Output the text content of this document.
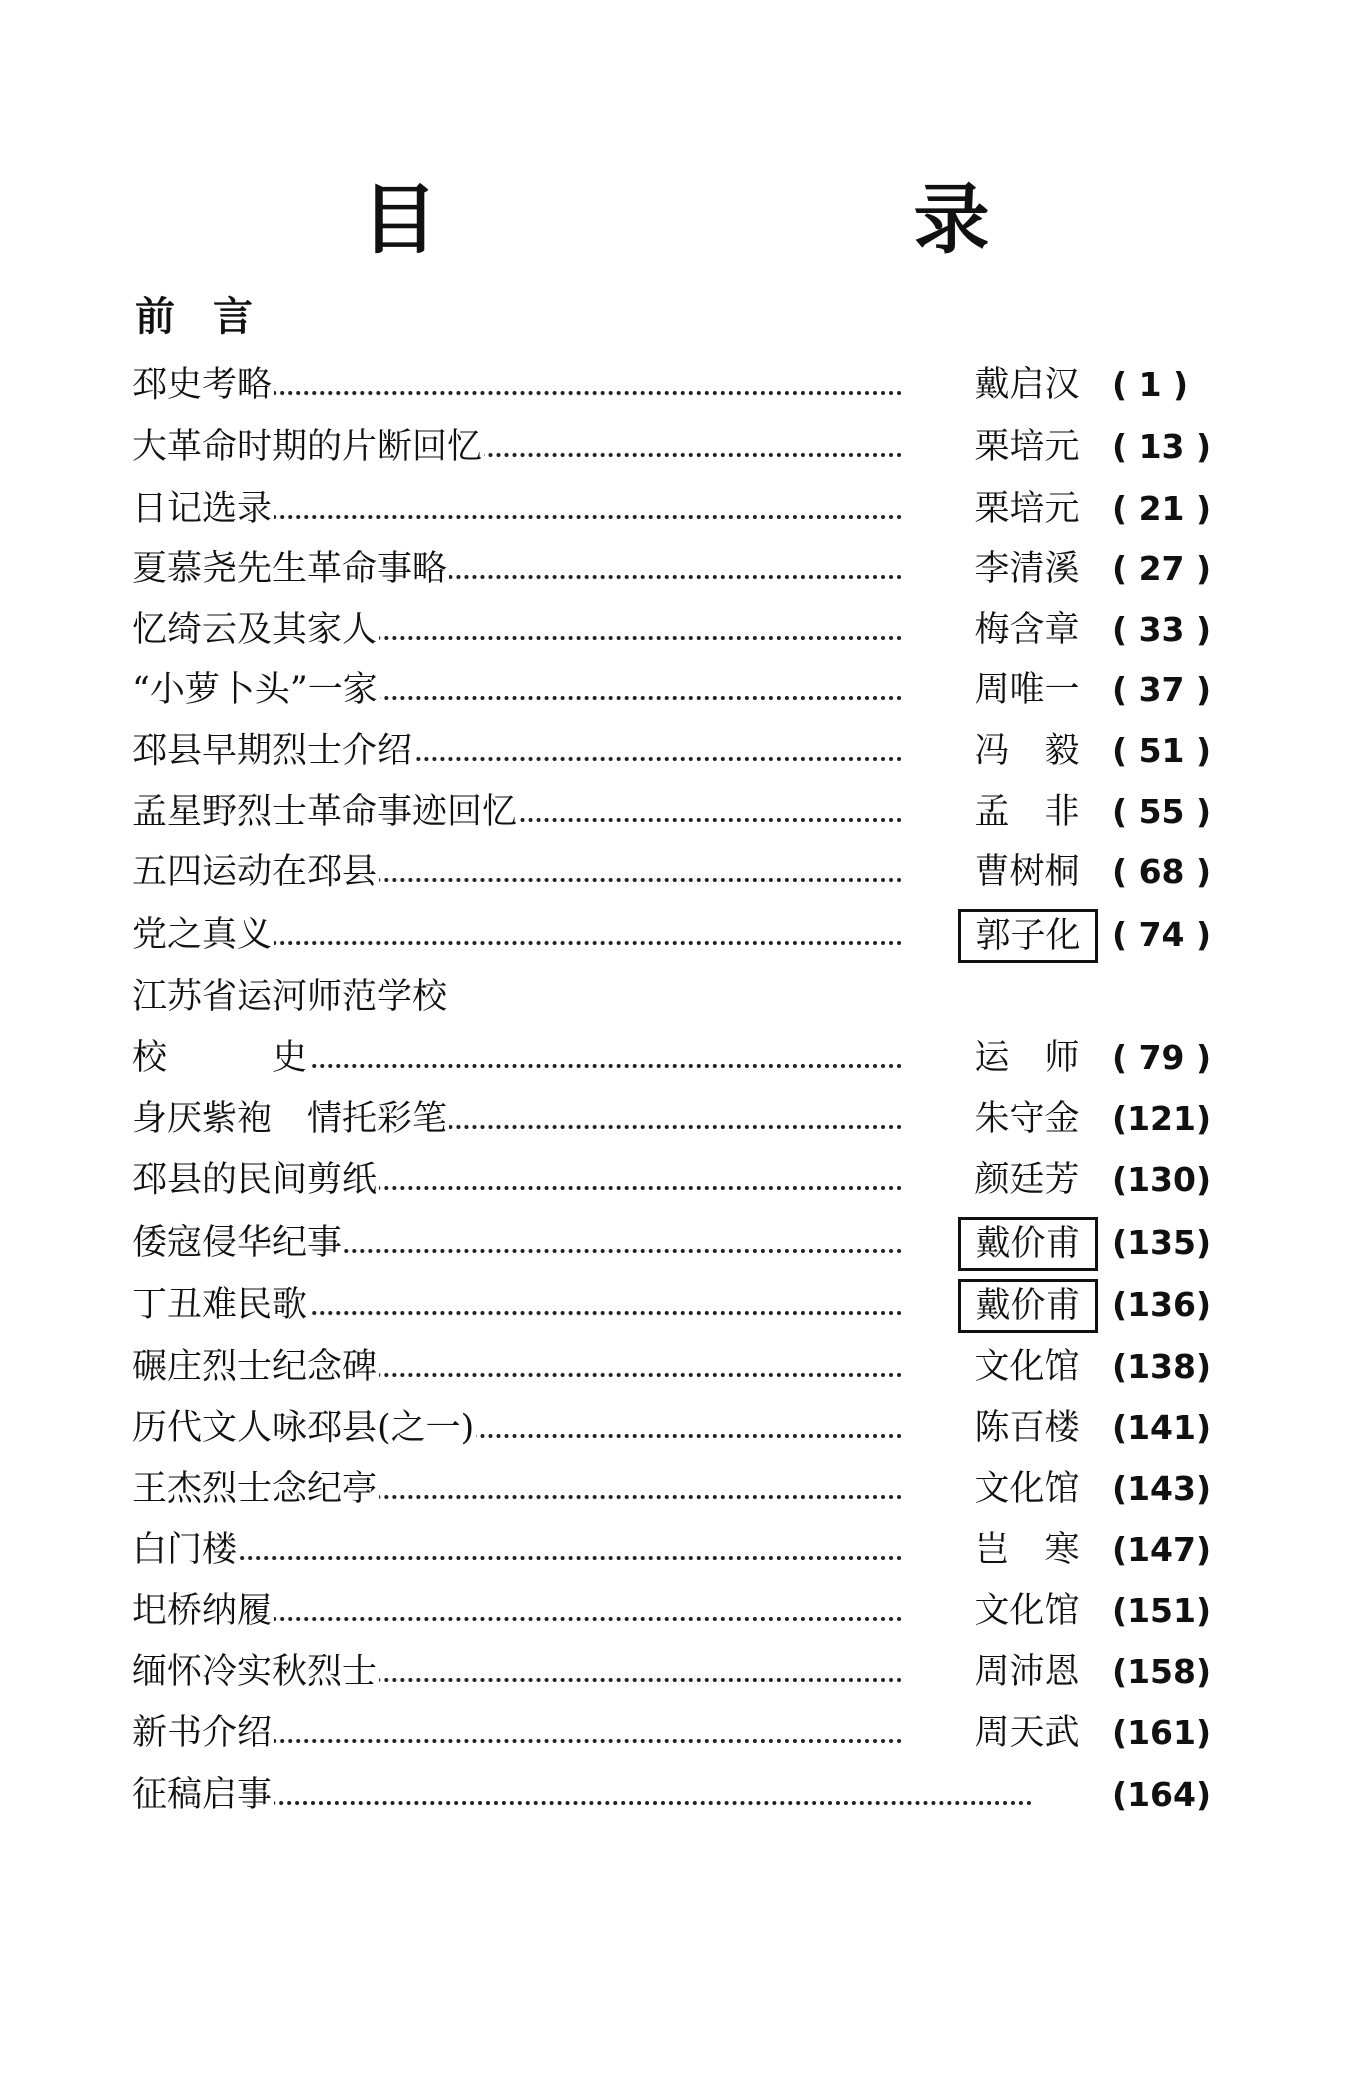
目　录
前言
邳史考略	戴启汉 ( 1 )
大革命时期的片断回忆	栗培元 ( 13 )
日记选录	栗培元 ( 21 )
夏慕尧先生革命事略	李清溪 ( 27 )
忆绮云及其家人	梅含章 ( 33 )
“小萝卜头”一家	周唯一 ( 37 )
邳县早期烈士介绍	冯　毅 ( 51 )
孟星野烈士革命事迹回忆	孟　非 ( 55 )
五四运动在邳县	曹树桐 ( 68 )
党之真义	郭子化 ( 74 )
江苏省运河师范学校
校　　　史	运　师 ( 79 )
身厌紫袍　情托彩笔	朱守金 (121)
邳县的民间剪纸	颜廷芳 (130)
倭寇侵华纪事	戴价甫 (135)
丁丑难民歌	戴价甫 (136)
碾庄烈士纪念碑	文化馆 (138)
历代文人咏邳县(之一)	陈百楼 (141)
王杰烈士念纪亭	文化馆 (143)
白门楼	岂　寒 (147)
圯桥纳履	文化馆 (151)
缅怀冷实秋烈士	周沛恩 (158)
新书介绍	周天武 (161)
征稿启事	(164)
